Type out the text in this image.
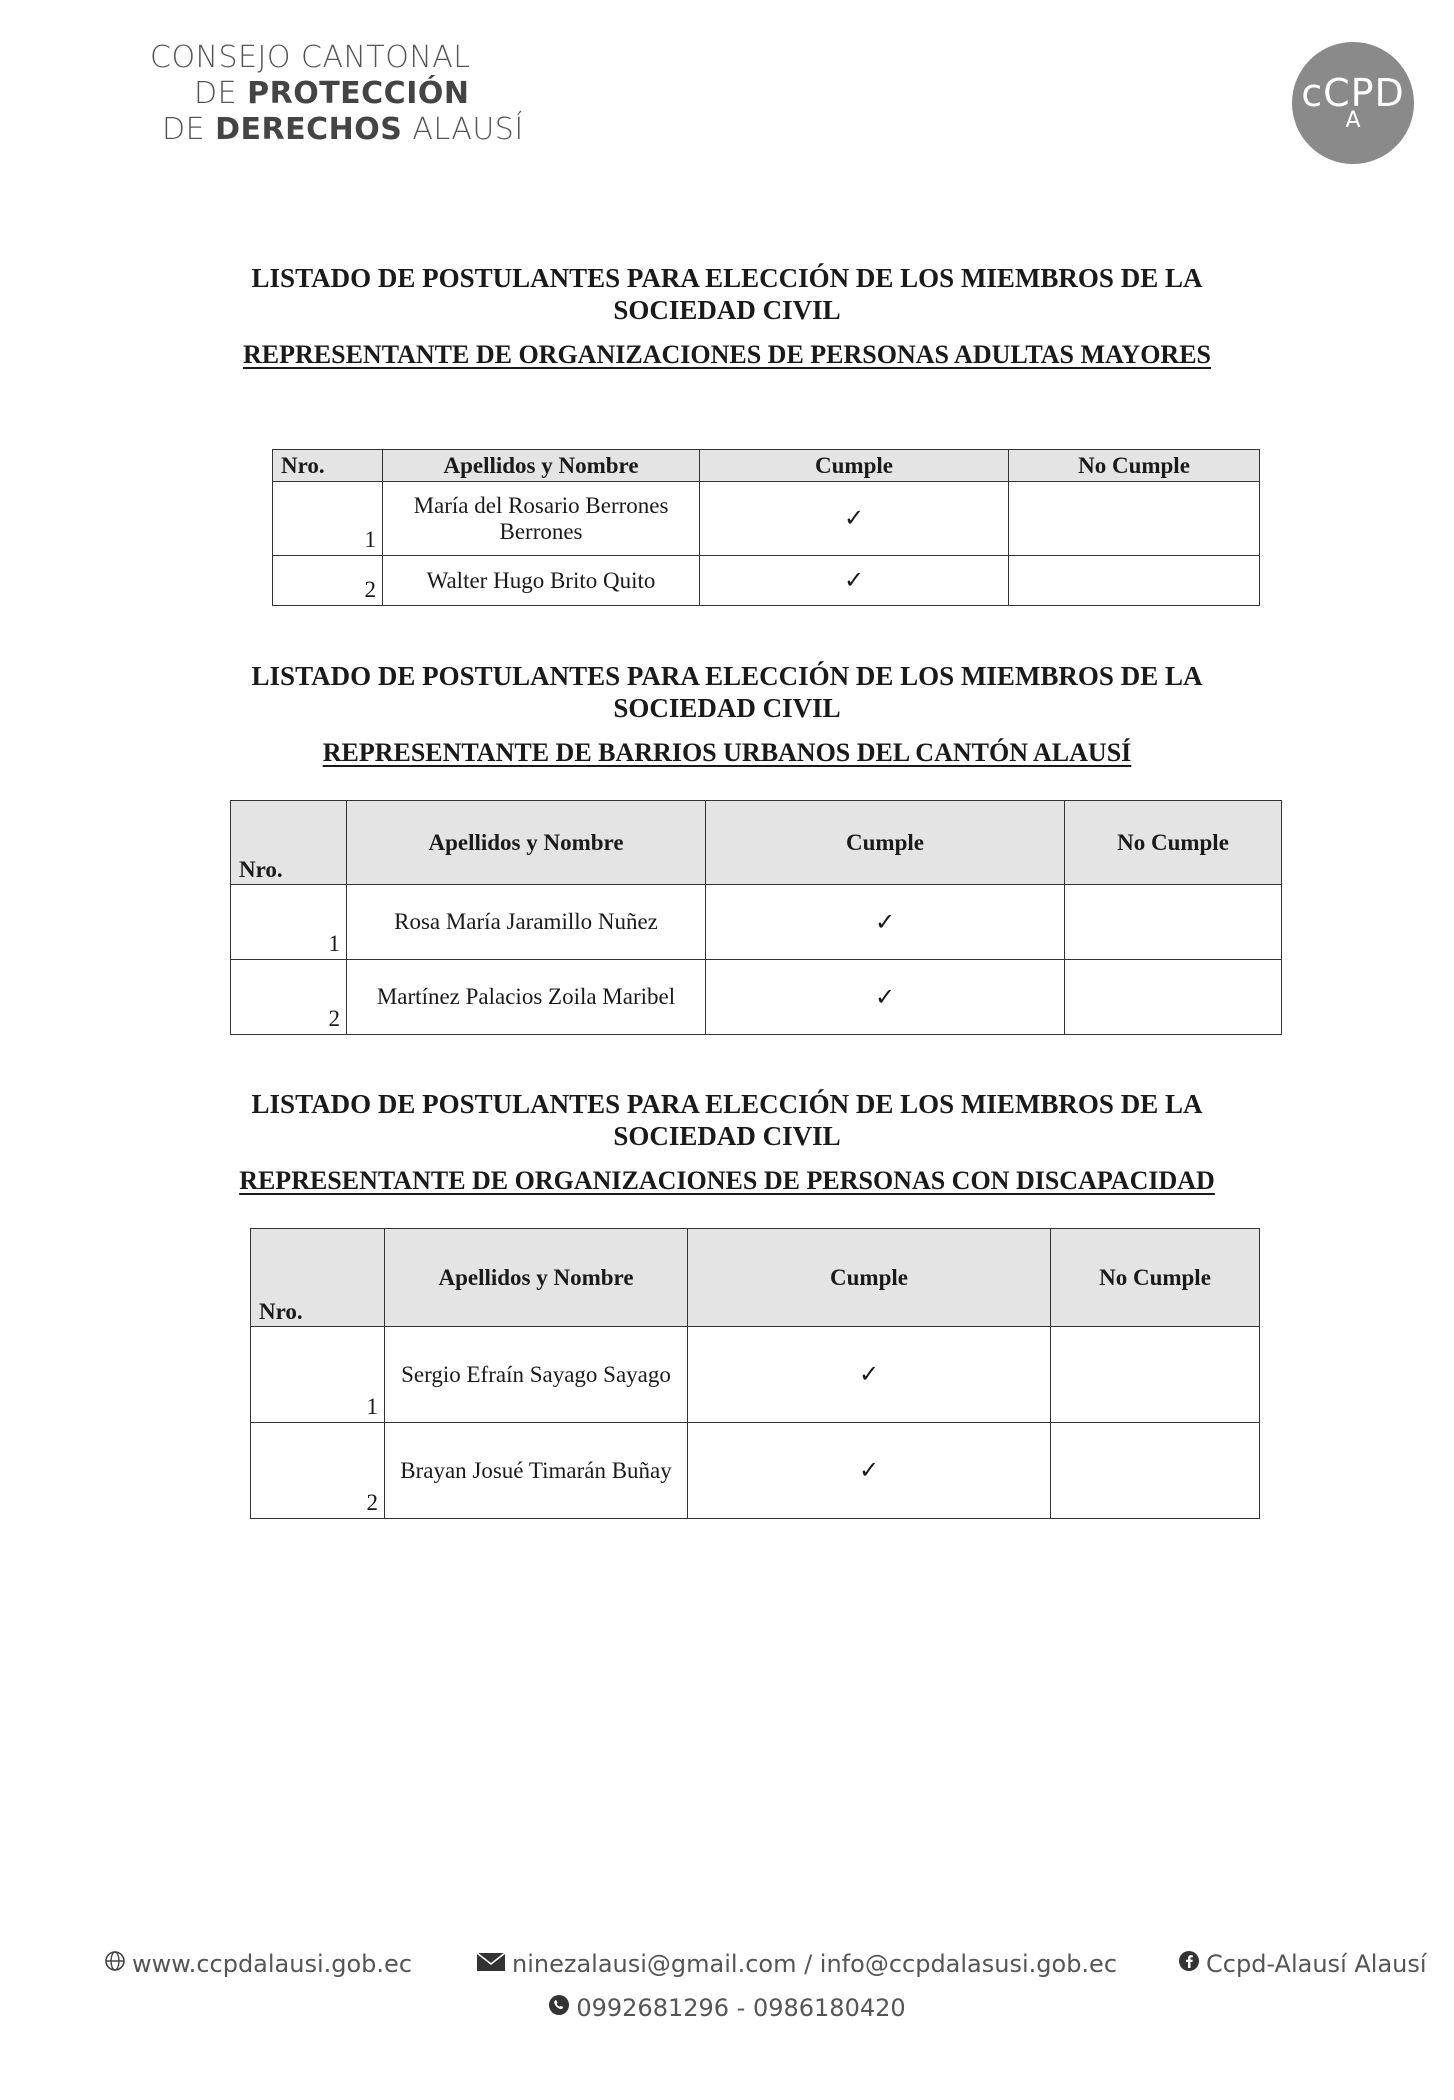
CONSEJO CANTONAL
DE PROTECCIÓN
DE DERECHOS ALAUSÍ
cCPD
A
LISTADO DE POSTULANTES PARA ELECCIÓN DE LOS MIEMBROS DE LA
SOCIEDAD CIVIL
REPRESENTANTE DE ORGANIZACIONES DE PERSONAS ADULTAS MAYORES
Nro.	Apellidos y Nombre	Cumple	No Cumple
1	María del Rosario Berrones Berrones	✓	
2	Walter Hugo Brito Quito	✓	
LISTADO DE POSTULANTES PARA ELECCIÓN DE LOS MIEMBROS DE LA
SOCIEDAD CIVIL
REPRESENTANTE DE BARRIOS URBANOS DEL CANTÓN ALAUSÍ
Nro.	Apellidos y Nombre	Cumple	No Cumple
1	Rosa María Jaramillo Nuñez	✓	
2	Martínez Palacios Zoila Maribel	✓	
LISTADO DE POSTULANTES PARA ELECCIÓN DE LOS MIEMBROS DE LA
SOCIEDAD CIVIL
REPRESENTANTE DE ORGANIZACIONES DE PERSONAS CON DISCAPACIDAD
Nro.	Apellidos y Nombre	Cumple	No Cumple
1	Sergio Efraín Sayago Sayago	✓	
2	Brayan Josué Timarán Buñay	✓	
www.ccpdalausi.gob.ec	ninezalausi@gmail.com / info@ccpdalasusi.gob.ec	Ccpd-Alausí Alausí
0992681296 - 0986180420
